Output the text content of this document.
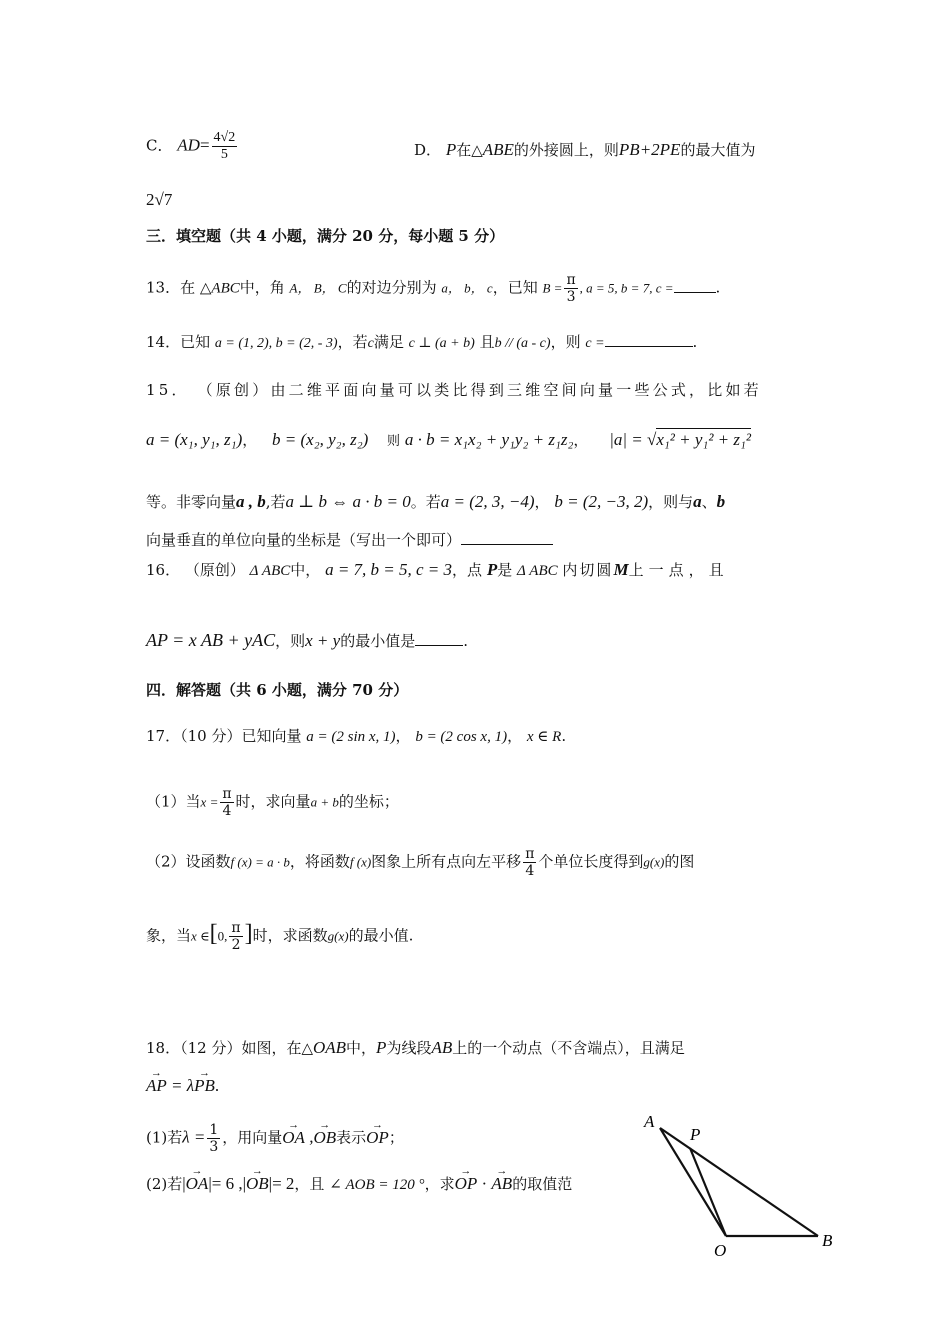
C． $AD= \frac{4√2}{5}$	D． P在△ABE的外接圆上，则PB+2PE的最大值为
2√7
三．填空题（共 4 小题，满分 20 分，每小题 5 分）
13．在 △ABC中，角 A， B， C的对边分别为 a， b， c，已知 $B = \frac{\pi}{3}$ , a = 5, b = 7, c =	.
14．已知 a = (1, 2), b = (2, - 3)，若c满足 c ⊥ (a + b) 且b // (a - c)，则 c =	.
15． （原创）由二维平面向量可以类比得到三维空间向量一些公式，比如若
a = (x₁, y₁, z₁)， b = (x₂, y₂, z₂) 则 a · b = x₁x₂ + y₁y₂ + z₁z₂， |a| = √x₁² + y₁² + z₁²
等。非零向量a , b,若a ⊥ b ⇔ a · b = 0。若a = (2, 3, −4)， b = (2, −3, 2)，则与a、b
向量垂直的单位向量的坐标是（写出一个即可）
16． （原创） Δ ABC中， a = 7, b = 5, c = 3，点 P是 Δ ABC 内切圆M上一点，且
AP = x AB + yAC，则x + y的最小值是	.
四．解答题（共 6 小题，满分 70 分）
17．（10 分）已知向量 a = (2 sin x, 1)， b = (2 cos x, 1)， x ∈ R.
（1）当$x = \frac{\pi}{4}$ 时，求向量a + b的坐标；
（2）设函数f (x) = a · b，将函数f (x)图象上所有点向左平移 $\frac{\pi}{4}$ 个单位长度得到g(x)的图
象，当x ∈[0, $\frac{\pi}{2}$ ]时，求函数g(x)的最小值.
18．（12 分）如图，在△OAB中，P为线段AB上的一个动点（不含端点），且满足
→ AP = λ→ PB.
(1)若$\lambda = \frac{1}{3}$ ，用向量→ OA ,→ OB表示→ OP；
(2)若|→ OA|= 6 ,|→ OB|= 2，且 ∠ AOB = 120 °，求→ OP · → AB的取值范
A
P
O
B
